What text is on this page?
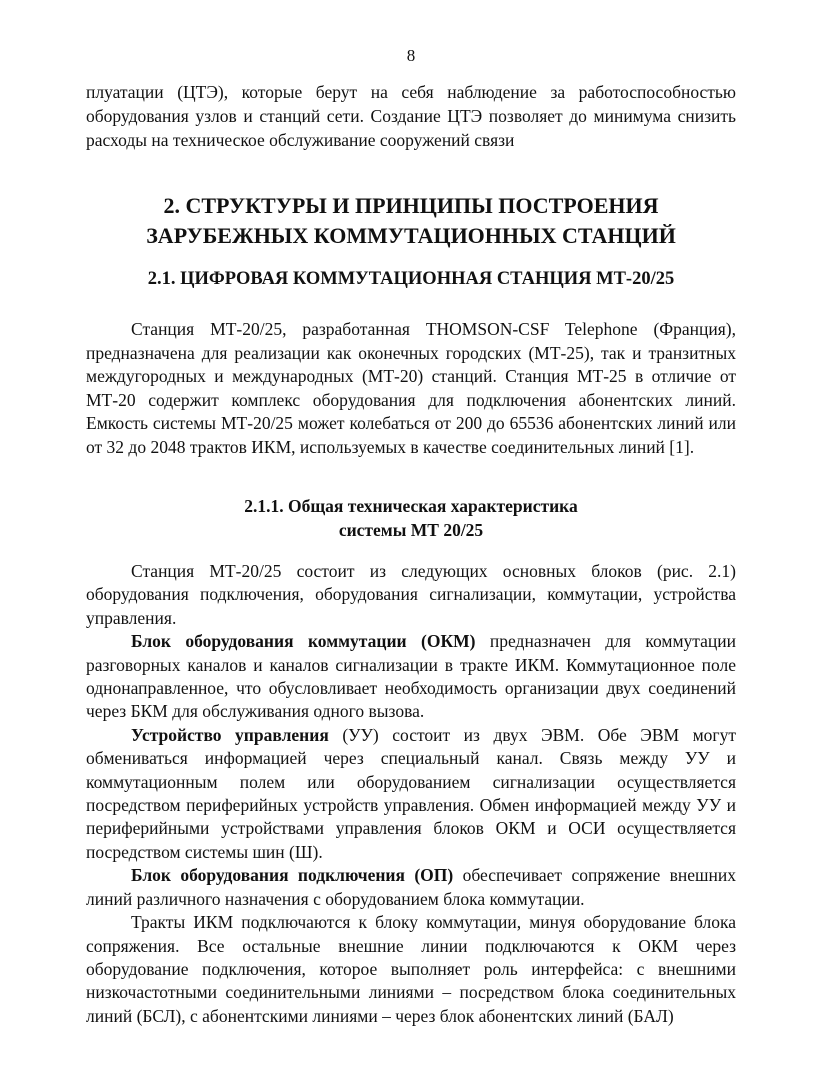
8

плуатации (ЦТЭ), которые берут на себя наблюдение за работоспособностью оборудования узлов и станций сети. Создание ЦТЭ позволяет до минимума снизить расходы на техническое обслуживание сооружений связи

2. СТРУКТУРЫ И ПРИНЦИПЫ ПОСТРОЕНИЯ
ЗАРУБЕЖНЫХ КОММУТАЦИОННЫХ СТАНЦИЙ
2.1. ЦИФРОВАЯ КОММУТАЦИОННАЯ СТАНЦИЯ МТ-20/25

Станция МТ-20/25, разработанная THOMSON-CSF Telephone (Франция), предназначена для реализации как оконечных городских (МТ-25), так и транзитных междугородных и международных (МТ-20) станций. Станция МТ-25 в отличие от МТ-20 содержит комплекс оборудования для подключения абонентских линий. Емкость системы МТ-20/25 может колебаться от 200 до 65536 абонентских линий или от 32 до 2048 трактов ИКМ, используемых в качестве соединительных линий [1].

2.1.1. Общая техническая характеристика
системы МТ 20/25

Станция МТ-20/25 состоит из следующих основных блоков (рис. 2.1) оборудования подключения, оборудования сигнализации, коммутации, устройства управления.

Блок оборудования коммутации (ОКМ) предназначен для коммутации разговорных каналов и каналов сигнализации в тракте ИКМ. Коммутационное поле однонаправленное, что обусловливает необходимость организации двух соединений через БКМ для обслуживания одного вызова.

Устройство управления (УУ) состоит из двух ЭВМ. Обе ЭВМ могут обмениваться информацией через специальный канал. Связь между УУ и коммутационным полем или оборудованием сигнализации осуществляется посредством периферийных устройств управления. Обмен информацией между УУ и периферийными устройствами управления блоков ОКМ и ОСИ осуществляется посредством системы шин (Ш).

Блок оборудования подключения (ОП) обеспечивает сопряжение внешних линий различного назначения с оборудованием блока коммутации.

Тракты ИКМ подключаются к блоку коммутации, минуя оборудование блока сопряжения. Все остальные внешние линии подключаются к ОКМ через оборудование подключения, которое выполняет роль интерфейса: с внешними низкочастотными соединительными линиями – посредством блока соединительных линий (БСЛ), с абонентскими линиями – через блок абонентских линий (БАЛ)
